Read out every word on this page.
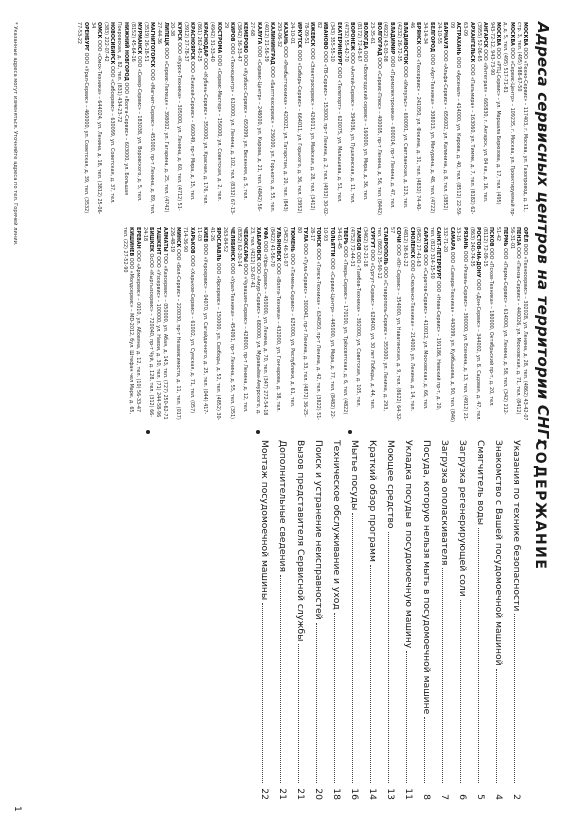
Адреса сервисных центров на территории СНГ:

МОСКВА ООО «Техно-Сервис» – 117403, г. Москва, ул. Газопровод, д. 11, стр. 3, тел. (495) 988-67-50

МОСКВА ООО «Сервис-Центр» – 109235, г. Москва, ул. Проектируемый пр-д, д. 5, тел. (495) 517-71-81

МОСКВА ООО «РТЦ-Сервис» – ул. Маршала Бирюзова, д. 17, тел. (495) 943-72-12, 943-73-90

АНГАРСК ООО «Интеграл» – 665830, г. Ангарск, ул. 84 кв., д. 16, тел. (3955) 52-06-65

АРХАНГЕЛЬСК ООО «Пальмира» – 163060, ул. Тимме, д. 7, тел. (8182) 62-63-09

АСТРАХАНЬ ООО «Арсенал» – 414000, ул. Кирова, д. 40, тел. (8512) 22-59-09

БАРНАУЛ ООО «Альфа-Сервис» – 656002, ул. Калинина, д. 8, тел. (3852) 24-10-55

БЕЛГОРОД ООО «Арт-Техника» – 308013, ул. Мичурина, д. 48, тел. (4722) 34-14-34

БРЯНСК ООО «Техсервис» – 241050, ул. Фокина, д. 31, тел. (4832) 74-40-46

ВЛАДИВОСТОК ООО «Импульс» – 690091, ул. Светланская, д. 123, тел. (4232) 26-72-35

ВЛАДИМИР ООО «Промэлектроника» – 600014, пр-т Ленина, д. 47, тел. (4922) 43-03-08

ВОЛГОГРАД ООО «Сервис-Плюс» – 400005, пр-т Ленина, д. 56, тел. (8442) 23-35-61

ВОЛОГДА ООО «Вологодский сервис» – 160000, ул. Мира, д. 36, тел. (8172) 72-43-67

ВОРОНЕЖ ООО «Антей-Сервис» – 394036, ул. Пушкинская, д. 11, тел. (4732) 55-42-70

ЕКАТЕРИНБУРГ ООО «Телепорт» – 620075, ул. Малышева, д. 51, тел. (343) 355-55-10

ИВАНОВО ООО «ТВ-Сервис» – 153000, пр-т Ленина, д. 2, тел. (4932) 30-02-82

ИЖЕВСК ООО «Электросервис» – 426011, ул. Майская, д. 28, тел. (3412) 78-09-51

ИРКУТСК ООО «Сибирь-Сервис» – 664011, ул. Горького, д. 36, тел. (3952) 24-10-01

КАЗАНЬ ООО «Рембыттехника» – 420021, ул. Татарстан, д. 20, тел. (843) 293-06-32

КАЛИНИНГРАД ООО «Балттехсервис» – 236000, ул. Горького, д. 55, тел. (4012) 21-56-39

КАЛУГА ООО «Сервис-Центр» – 248000, ул. Кирова, д. 21, тел. (4842) 56-27-68

КЕМЕРОВО ООО «Кузбасс-Сервис» – 650099, ул. Весенняя, д. 5, тел. (3842) 36-33-47

КИРОВ ООО «Техноцентр» – 610000, ул. Ленина, д. 102, тел. (8332) 67-13-29

КОСТРОМА ООО «Сервис-Мастер» – 156000, ул. Советская, д. 2, тел. (4942) 31-33-40

КРАСНОДАР ООО «Кубань-Сервис» – 350000, ул. Красная, д. 176, тел. (861) 262-45-25

КРАСНОЯРСК ООО «Енисей-Сервис» – 660049, пр-т Мира, д. 15, тел. (3912) 27-78-37

КУРСК ООО «Курск-Техника» – 305000, ул. Ленина, д. 60, тел. (4712) 51-20-38

ЛИПЕЦК ООО «Сервис-Липецк» – 398002, ул. Гагарина, д. 25, тел. (4742) 27-44-36

МАГНИТОГОРСК ООО «Магнит-Сервис» – 455000, пр-т Ленина, д. 89, тел. (3519) 26-18-51

МУРМАНСК ООО «Север-Сервис» – 183038, ул. Воровского, д. 5, тел. (8152) 45-64-16

НИЖНИЙ НОВГОРОД ООО «Волга-Сервис» – 603000, ул. Большая Покровская, д. 82, тел. (831) 434-23-72

НОВОСИБИРСК ООО «Сибсервис» – 630099, ул. Советская, д. 37, тел. (383) 222-07-42

ОМСК ООО «Омск-Техника» – 644024, ул. Ленина, д. 18, тел. (3812) 25-06-34

ОРЕНБУРГ ООО «Урал-Сервис» – 460000, ул. Советская, д. 39, тел. (3532) 77-53-22

ОРЁЛ ООО «Техносервис» – 302028, ул. Ленина, д. 28, тел. (4862) 43-42-07

ПЕНЗА ООО «Пенза-Сервис» – 440026, ул. Московская, д. 71, тел. (8412) 56-31-01

ПЕРМЬ ООО «Пермь-Сервис» – 614000, ул. Ленина, д. 58, тел. (342) 212-51-42

ПСКОВ ООО «Псков-Техника» – 180000, Октябрьский пр-т, д. 20, тел. (8112) 72-09-15

РОСТОВ-НА-ДОНУ ООО «Дон-Сервис» – 344002, ул. Б. Садовая, д. 47, тел. (863) 240-74-35

РЯЗАНЬ ООО «Рязань-Сервис» – 390000, ул. Есенина, д. 13, тел. (4912) 21-33-16

САМАРА ООО «Самара-Техника» – 443099, ул. Куйбышева, д. 90, тел. (846) 332-71-20

САНКТ-ПЕТЕРБУРГ ООО «Нева-Сервис» – 191186, Невский пр-т, д. 20, тел. (812) 314-15-50

САРАТОВ ООО «Саратов-Сервис» – 410012, ул. Московская, д. 66, тел. (8452) 27-41-63

СМОЛЕНСК ООО «Смоленск-Техника» – 214000, ул. Ленина, д. 14, тел. (4812) 38-61-22

СОЧИ ООО «Юг-Сервис» – 354000, ул. Навагинская, д. 9, тел. (8622) 64-32-57

СТАВРОПОЛЬ ООО «Ставрополь-Сервис» – 355000, ул. Ленина, д. 293, тел. (8652) 35-90-12

СУРГУТ ООО «Сургут-Сервис» – 628400, ул. 30 лет Победы, д. 44, тел. (3462) 32-21-18

ТАМБОВ ООО «Тамбов-Техника» – 392000, ул. Советская, д. 105, тел. (4752) 72-44-31

ТВЕРЬ ООО «Тверь-Сервис» – 170100, ул. Трёхсвятская, д. 6, тел. (4822) 34-61-45

ТОЛЬЯТТИ ООО «Сервис-Центр» – 445000, ул. Мира, д. 77, тел. (8482) 22-10-93

ТОМСК ООО «Томск-Техника» – 634050, пр-т Ленина, д. 42, тел. (3822) 51-28-17

ТУЛА ООО «Тула-Сервис» – 300041, пр-т Ленина, д. 33, тел. (4872) 36-25-80

ТЮМЕНЬ ООО «Тюмень-Сервис» – 625000, ул. Республики, д. 61, тел. (3452) 46-31-07

УЛЬЯНОВСК ООО «Волга-Техника» – 432000, ул. Гончарова, д. 38, тел. (8422) 41-56-70

УФА ООО «Уфа-Сервис» – 450000, ул. Ленина, д. 70, тел. (347) 272-54-18

ХАБАРОВСК ООО «Амур-Сервис» – 680000, ул. Муравьёва-Амурского, д. 23, тел. (4212) 32-67-41

ЧЕБОКСАРЫ ООО «Чувашия-Сервис» – 428000, пр-т Ленина, д. 12, тел. (8352) 62-30-14

ЧЕЛЯБИНСК ООО «Урал-Техника» – 454091, пр-т Ленина, д. 55, тел. (351) 263-84-52

ЯРОСЛАВЛЬ ООО «Ярсервис» – 150000, ул. Свободы, д. 52, тел. (4852) 30-41-26

КИЕВ ООО «Укрсервис» – 04070, ул. Сагайдачного, д. 25, тел. (044) 417-11-03

ХАРЬКОВ ООО «Харьков-Сервис» – 61002, ул. Сумская, д. 71, тел. (057) 714-36-90

МИНСК ООО «Бел-Сервис» – 220030, пр-т Независимости, д. 11, тел. (017) 226-48-19

АЛМАТЫ ТОО «Казсервис» – 050000, ул. Абая, д. 143, тел. (727) 250-62-71

ТАШКЕНТ ООО «Узсервис» – 100000, ул. Навои, д. 30, тел. (71) 244-58-96

БИШКЕК ОсОО «Кыргызсервис» – 720040, пр-т Чуй, д. 128, тел. (312) 66-24-18

ЕРЕВАН ООО «Армсервис» – 0010, ул. Абовяна, д. 12, тел. (10) 56-33-47

КИШИНЕВ ООО «Молдсервис» – MD-2012, бул. Штефан чел Маре, д. 65, тел. (22) 27-52-90

* Указанные адреса могут изменяться. Уточняйте адреса по тел. Горячей линии.
СОДЕРЖАНИЕ
Указания по технике безопасности
2
Знакомство с Вашей посудомоечной машиной
4
Смягчитель воды
5
Загрузка регенерирующей соли
6
Загрузка ополаскивателя
7
Посуда, которую нельзя мыть в посудомоечной машине
8
Укладка посуды в посудомоечную машину
11
Моющее средство
13
Краткий обзор программ
14
Мытье посуды
16
Техническое обслуживание и уход
18
Поиск и устранение неисправностей
20
Вызов представителя Сервисной службы
21
Дополнительные сведения
21
Монтаж посудомоечной машины
22
1
